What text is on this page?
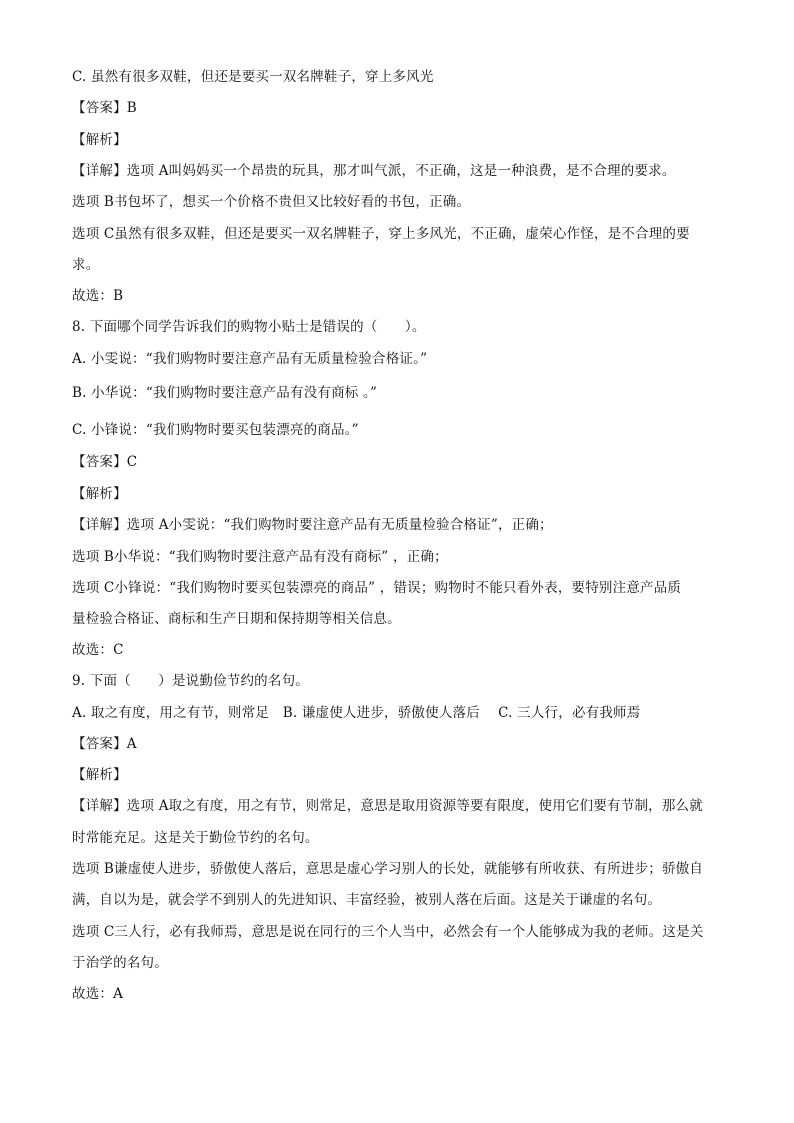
C. 虽然有很多双鞋，但还是要买一双名牌鞋子，穿上多风光
【答案】B
【解析】
【详解】选项 A叫妈妈买一个昂贵的玩具，那才叫气派，不正确，这是一种浪费，是不合理的要求。
选项 B书包坏了，想买一个价格不贵但又比较好看的书包，正确。
选项 C虽然有很多双鞋，但还是要买一双名牌鞋子，穿上多风光，不正确，虚荣心作怪，是不合理的要
求。
故选：B
8. 下面哪个同学告诉我们的购物小贴士是错误的（　　）。
A. 小雯说：“我们购物时要注意产品有无质量检验合格证。”
B. 小华说：“我们购物时要注意产品有没有商标 。”
C. 小锋说：“我们购物时要买包装漂亮的商品。”
【答案】C
【解析】
【详解】选项 A小雯说：“我们购物时要注意产品有无质量检验合格证”，正确；
选项 B小华说：“我们购物时要注意产品有没有商标” ，正确；
选项 C小锋说：“我们购物时要买包装漂亮的商品” ，错误；购物时不能只看外表，要特别注意产品质
量检验合格证、商标和生产日期和保持期等相关信息。
故选：C
9. 下面（　　）是说勤俭节约的名句。
A. 取之有度，用之有节，则常足　B. 谦虚使人进步，骄傲使人落后　 C. 三人行，必有我师焉
【答案】A
【解析】
【详解】选项 A取之有度，用之有节，则常足，意思是取用资源等要有限度，使用它们要有节制，那么就
时常能充足。这是关于勤俭节约的名句。
选项 B谦虚使人进步，骄傲使人落后，意思是虚心学习别人的长处，就能够有所收获、有所进步；骄傲自
满，自以为是，就会学不到别人的先进知识、丰富经验，被别人落在后面。这是关于谦虚的名句。
选项 C三人行，必有我师焉，意思是说在同行的三个人当中，必然会有一个人能够成为我的老师。这是关
于治学的名句。
故选：A
